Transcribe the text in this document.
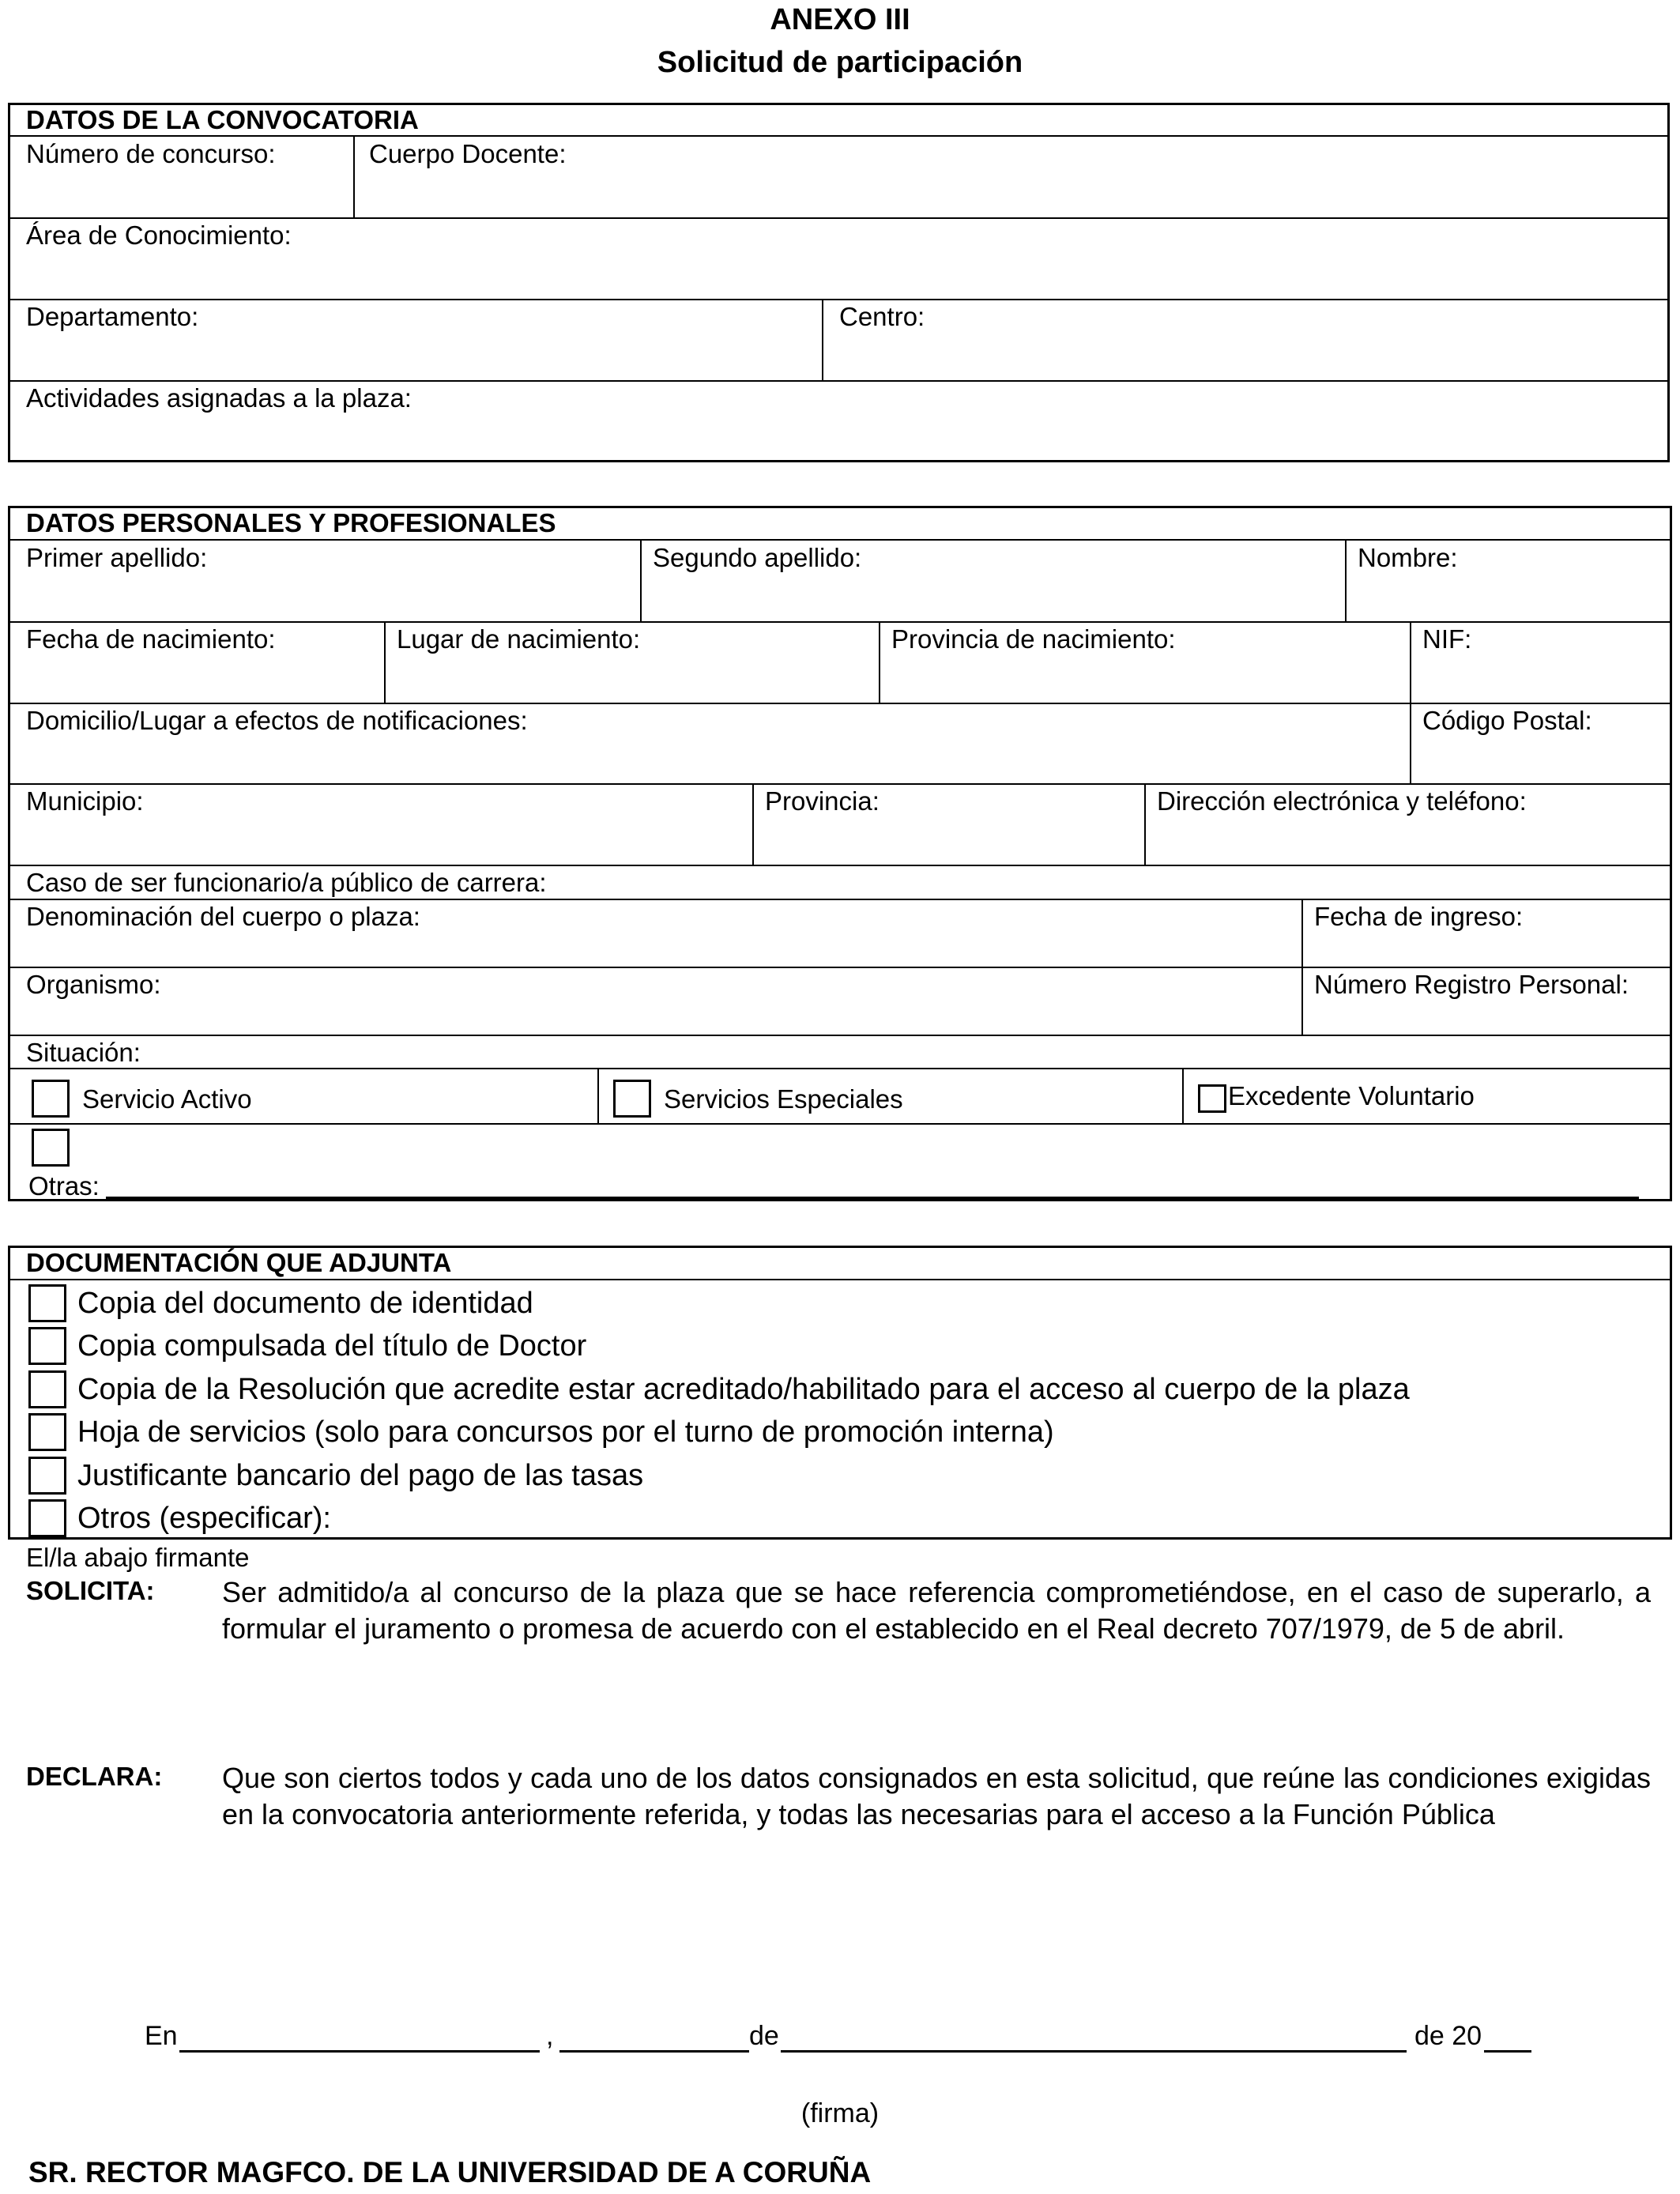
ANEXO III
Solicitud de participación
DATOS DE LA CONVOCATORIA
Número de concurso:	Cuerpo Docente:
Área de Conocimiento:
Departamento:	Centro:
Actividades asignadas a la plaza:
DATOS PERSONALES Y PROFESIONALES
Primer apellido:	Segundo apellido:	Nombre:
Fecha de nacimiento:	Lugar de nacimiento:	Provincia de nacimiento:	NIF:
Domicilio/Lugar a efectos de notificaciones:	Código Postal:
Municipio:	Provincia:	Dirección electrónica y teléfono:
Caso de ser funcionario/a público de carrera:
Denominación del cuerpo o plaza:	Fecha de ingreso:
Organismo:	Número Registro Personal:
Situación:
Servicio Activo	Servicios Especiales	Excedente Voluntario
Otras:
DOCUMENTACIÓN QUE ADJUNTA
Copia del documento de identidad
Copia compulsada del título de Doctor
Copia de la Resolución que acredite estar acreditado/habilitado para el acceso al cuerpo de la plaza
Hoja de servicios (solo para concursos por el turno de promoción interna)
Justificante bancario del pago de las tasas
Otros (especificar):
El/la abajo firmante
SOLICITA: Ser admitido/a al concurso de la plaza que se hace referencia comprometiéndose, en el caso de superarlo, a formular el juramento o promesa de acuerdo con el establecido en el Real decreto 707/1979, de 5 de abril.
DECLARA: Que son ciertos todos y cada uno de los datos consignados en esta solicitud, que reúne las condiciones exigidas en la convocatoria anteriormente referida, y todas las necesarias para el acceso a la Función Pública
En	,	de	de 20
(firma)
SR. RECTOR MAGFCO. DE LA UNIVERSIDAD DE A CORUÑA
